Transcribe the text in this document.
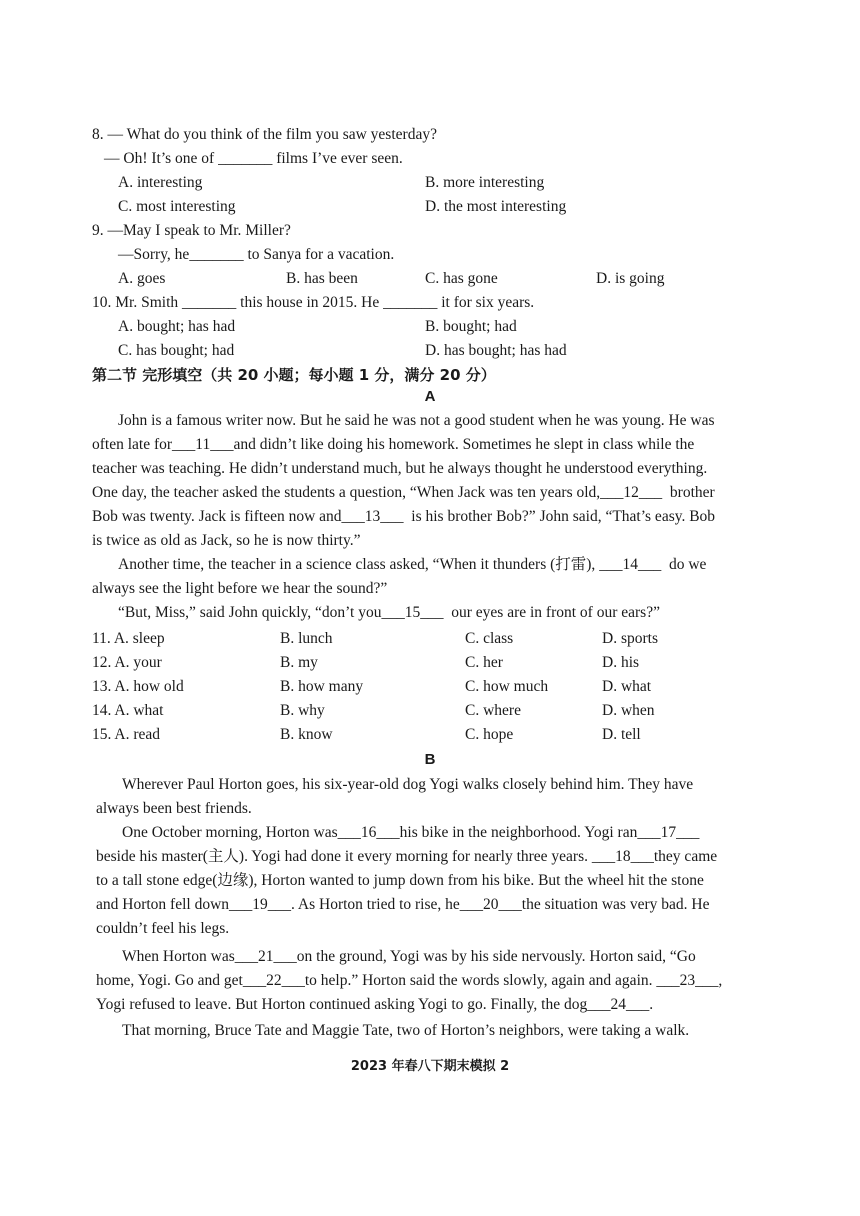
8. — What do you think of the film you saw yesterday?
— Oh! It’s one of _______ films I’ve ever seen.
A. interesting	B. more interesting
C. most interesting	D. the most interesting
9. —May I speak to Mr. Miller?
—Sorry, he_______ to Sanya for a vacation.
A. goes	B. has been	C. has gone	D. is going
10. Mr. Smith _______ this house in 2015. He _______ it for six years.
A. bought; has had	B. bought; had
C. has bought; had	D. has bought; has had
第二节 完形填空（共 20 小题；每小题 1 分，满分 20 分）
A
John is a famous writer now. But he said he was not a good student when he was young. He was
often late for___11___and didn’t like doing his homework. Sometimes he slept in class while the
teacher was teaching. He didn’t understand much, but he always thought he understood everything.
One day, the teacher asked the students a question, “When Jack was ten years old,___12___ brother
Bob was twenty. Jack is fifteen now and___13___ is his brother Bob?” John said, “That’s easy. Bob
is twice as old as Jack, so he is now thirty.”
Another time, the teacher in a science class asked, “When it thunders (打雷), ___14___ do we
always see the light before we hear the sound?”
“But, Miss,” said John quickly, “don’t you___15___ our eyes are in front of our ears?”
11. A. sleep	B. lunch	C. class	D. sports
12. A. your	B. my	C. her	D. his
13. A. how old	B. how many	C. how much	D. what
14. A. what	B. why	C. where	D. when
15. A. read	B. know	C. hope	D. tell
B
Wherever Paul Horton goes, his six-year-old dog Yogi walks closely behind him. They have
always been best friends.
One October morning, Horton was___16___his bike in the neighborhood. Yogi ran___17___
beside his master(主人). Yogi had done it every morning for nearly three years. ___18___they came
to a tall stone edge(边缘), Horton wanted to jump down from his bike. But the wheel hit the stone
and Horton fell down___19___. As Horton tried to rise, he___20___the situation was very bad. He
couldn’t feel his legs.
When Horton was___21___on the ground, Yogi was by his side nervously. Horton said, “Go
home, Yogi. Go and get___22___to help.” Horton said the words slowly, again and again. ___23___,
Yogi refused to leave. But Horton continued asking Yogi to go. Finally, the dog___24___.
That morning, Bruce Tate and Maggie Tate, two of Horton’s neighbors, were taking a walk.
2023 年春八下期末模拟 2
